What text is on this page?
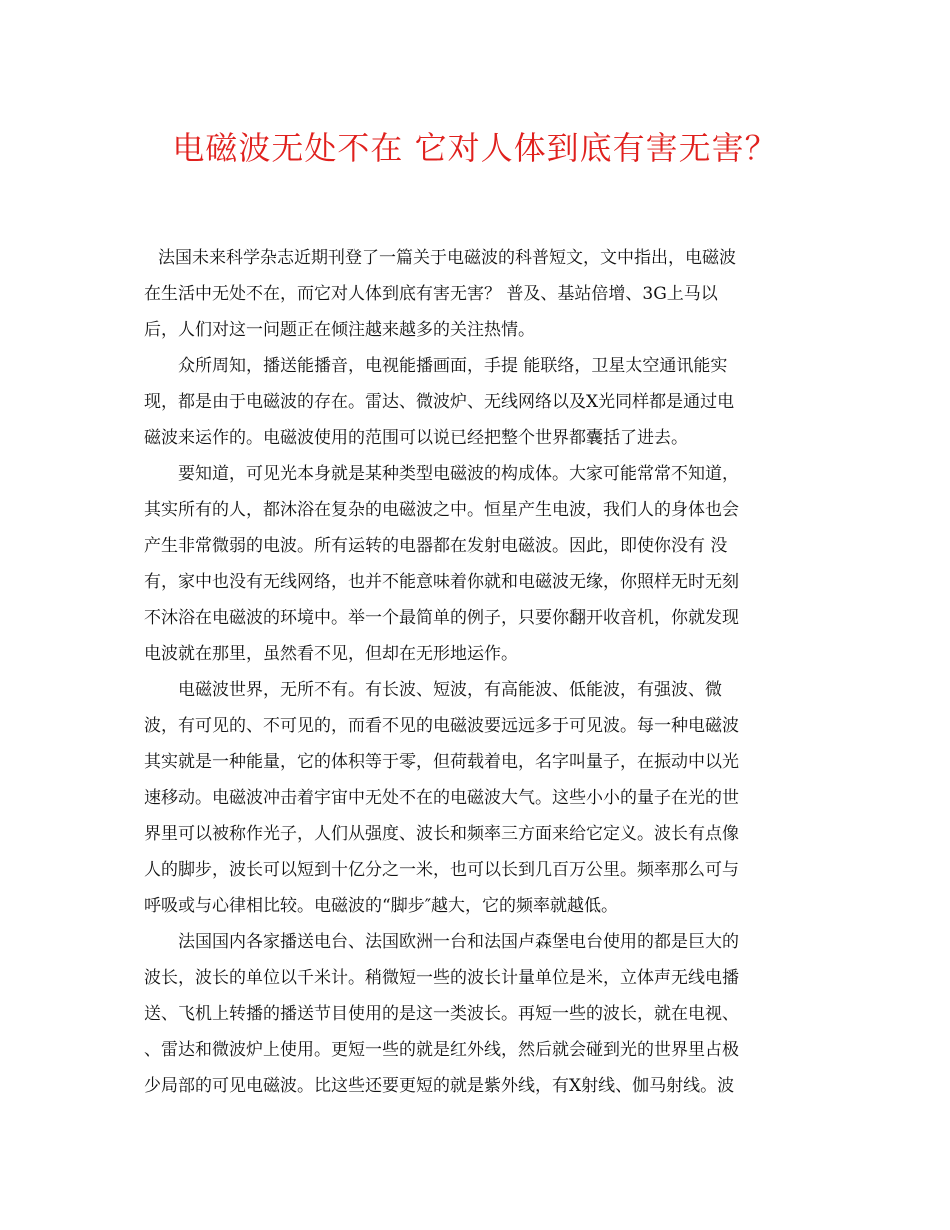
电磁波无处不在 它对人体到底有害无害？

法国未来科学杂志近期刊登了一篇关于电磁波的科普短文，文中指出，电磁波
在生活中无处不在，而它对人体到底有害无害？ 普及、基站倍增、3G上马以
后，人们对这一问题正在倾注越来越多的关注热情。

众所周知，播送能播音，电视能播画面，手提 能联络，卫星太空通讯能实
现，都是由于电磁波的存在。雷达、微波炉、无线网络以及X光同样都是通过电
磁波来运作的。电磁波使用的范围可以说已经把整个世界都囊括了进去。

要知道，可见光本身就是某种类型电磁波的构成体。大家可能常常不知道，
其实所有的人，都沐浴在复杂的电磁波之中。恒星产生电波，我们人的身体也会
产生非常微弱的电波。所有运转的电器都在发射电磁波。因此，即使你没有 没
有，家中也没有无线网络，也并不能意味着你就和电磁波无缘，你照样无时无刻
不沐浴在电磁波的环境中。举一个最简单的例子，只要你翻开收音机，你就发现
电波就在那里，虽然看不见，但却在无形地运作。

电磁波世界，无所不有。有长波、短波，有高能波、低能波，有强波、微
波，有可见的、不可见的，而看不见的电磁波要远远多于可见波。每一种电磁波
其实就是一种能量，它的体积等于零，但荷载着电，名字叫量子，在振动中以光
速移动。电磁波冲击着宇宙中无处不在的电磁波大气。这些小小的量子在光的世
界里可以被称作光子，人们从强度、波长和频率三方面来给它定义。波长有点像
人的脚步，波长可以短到十亿分之一米，也可以长到几百万公里。频率那么可与
呼吸或与心律相比较。电磁波的“脚步″越大，它的频率就越低。

法国国内各家播送电台、法国欧洲一台和法国卢森堡电台使用的都是巨大的
波长，波长的单位以千米计。稍微短一些的波长计量单位是米，立体声无线电播
送、飞机上转播的播送节目使用的是这一类波长。再短一些的波长，就在电视、
、雷达和微波炉上使用。更短一些的就是红外线，然后就会碰到光的世界里占极
少局部的可见电磁波。比这些还要更短的就是紫外线，有X射线、伽马射线。波
